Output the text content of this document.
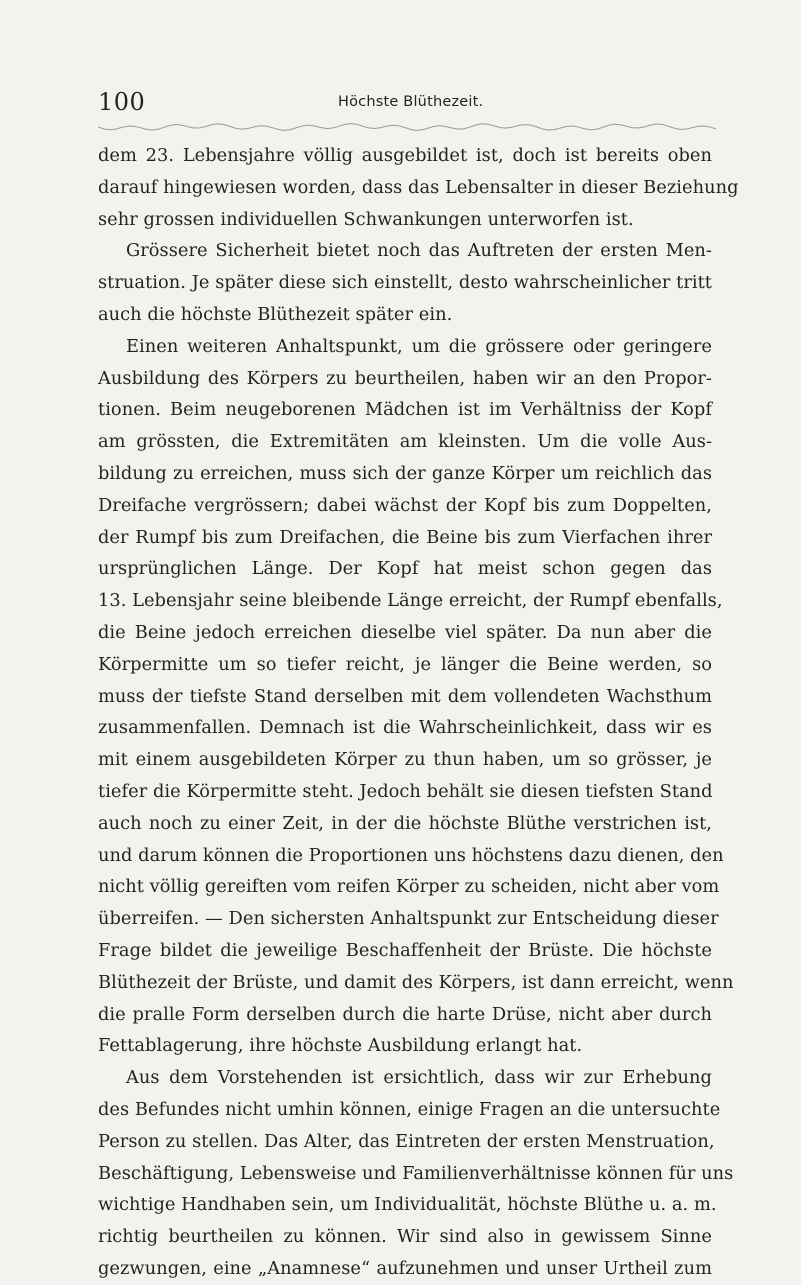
100	Höchste Blüthezeit.
dem 23. Lebensjahre völlig ausgebildet ist, doch ist bereits oben
darauf hingewiesen worden, dass das Lebensalter in dieser Beziehung
sehr grossen individuellen Schwankungen unterworfen ist.
Grössere Sicherheit bietet noch das Auftreten der ersten Men-
struation. Je später diese sich einstellt, desto wahrscheinlicher tritt
auch die höchste Blüthezeit später ein.
Einen weiteren Anhaltspunkt, um die grössere oder geringere
Ausbildung des Körpers zu beurtheilen, haben wir an den Propor-
tionen. Beim neugeborenen Mädchen ist im Verhältniss der Kopf
am grössten, die Extremitäten am kleinsten. Um die volle Aus-
bildung zu erreichen, muss sich der ganze Körper um reichlich das
Dreifache vergrössern; dabei wächst der Kopf bis zum Doppelten,
der Rumpf bis zum Dreifachen, die Beine bis zum Vierfachen ihrer
ursprünglichen Länge. Der Kopf hat meist schon gegen das
13. Lebensjahr seine bleibende Länge erreicht, der Rumpf ebenfalls,
die Beine jedoch erreichen dieselbe viel später. Da nun aber die
Körpermitte um so tiefer reicht, je länger die Beine werden, so
muss der tiefste Stand derselben mit dem vollendeten Wachsthum
zusammenfallen. Demnach ist die Wahrscheinlichkeit, dass wir es
mit einem ausgebildeten Körper zu thun haben, um so grösser, je
tiefer die Körpermitte steht. Jedoch behält sie diesen tiefsten Stand
auch noch zu einer Zeit, in der die höchste Blüthe verstrichen ist,
und darum können die Proportionen uns höchstens dazu dienen, den
nicht völlig gereiften vom reifen Körper zu scheiden, nicht aber vom
überreifen. — Den sichersten Anhaltspunkt zur Entscheidung dieser
Frage bildet die jeweilige Beschaffenheit der Brüste. Die höchste
Blüthezeit der Brüste, und damit des Körpers, ist dann erreicht, wenn
die pralle Form derselben durch die harte Drüse, nicht aber durch
Fettablagerung, ihre höchste Ausbildung erlangt hat.
Aus dem Vorstehenden ist ersichtlich, dass wir zur Erhebung
des Befundes nicht umhin können, einige Fragen an die untersuchte
Person zu stellen. Das Alter, das Eintreten der ersten Menstruation,
Beschäftigung, Lebensweise und Familienverhältnisse können für uns
wichtige Handhaben sein, um Individualität, höchste Blüthe u. a. m.
richtig beurtheilen zu können. Wir sind also in gewissem Sinne
gezwungen, eine „Anamnese“ aufzunehmen und unser Urtheil zum
